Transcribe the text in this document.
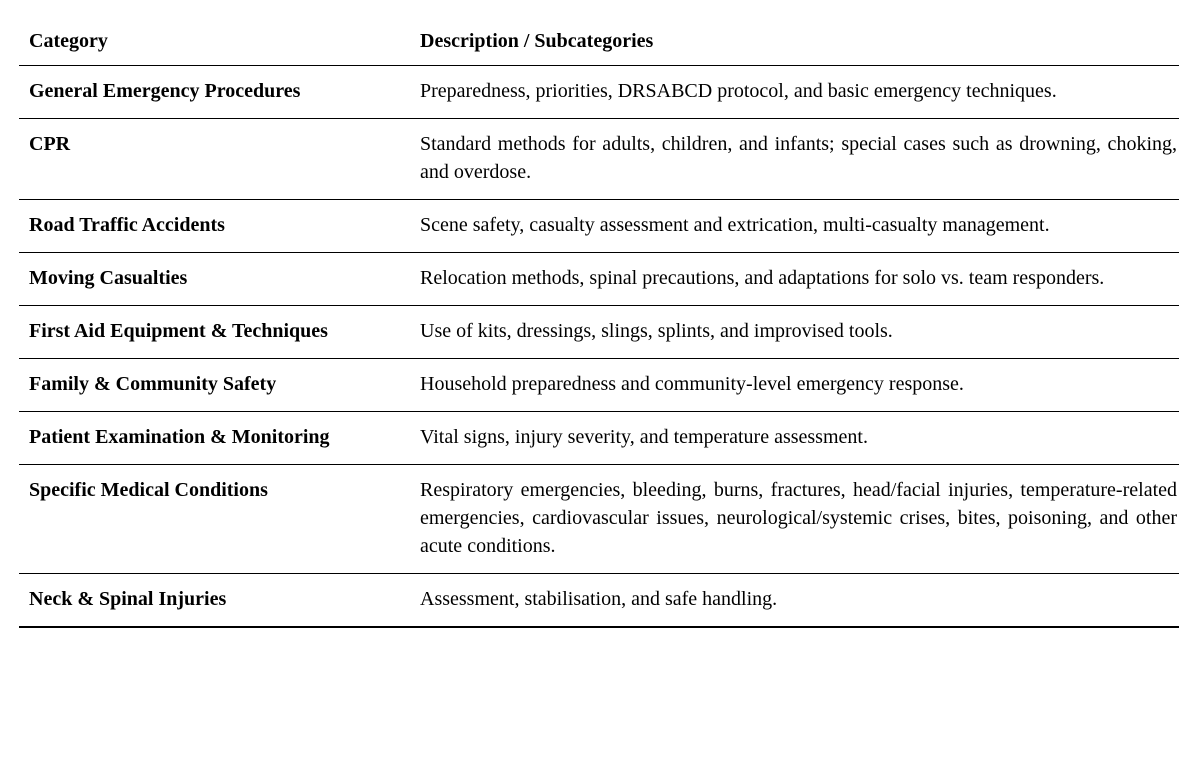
Category	Description / Subcategories
General Emergency Procedures	Preparedness, priorities, DRSABCD protocol, and basic emergency techniques.
CPR	Standard methods for adults, children, and infants; special cases such as drowning, choking, and overdose.
Road Traffic Accidents	Scene safety, casualty assessment and extrication, multi-casualty management.
Moving Casualties	Relocation methods, spinal precautions, and adaptations for solo vs. team responders.
First Aid Equipment & Techniques	Use of kits, dressings, slings, splints, and improvised tools.
Family & Community Safety	Household preparedness and community-level emergency response.
Patient Examination & Monitoring	Vital signs, injury severity, and temperature assessment.
Specific Medical Conditions	Respiratory emergencies, bleeding, burns, fractures, head/facial injuries, temperature-related emergencies, cardiovascular issues, neurological/systemic crises, bites, poisoning, and other acute conditions.
Neck & Spinal Injuries	Assessment, stabilisation, and safe handling.
